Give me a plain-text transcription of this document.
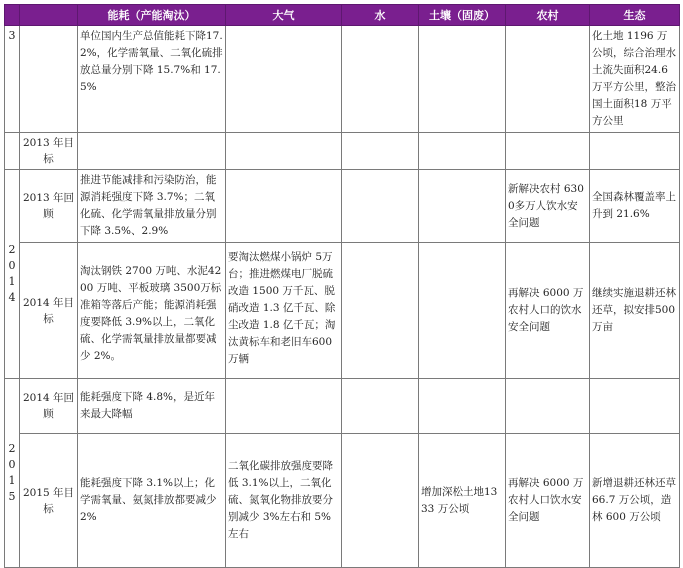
		能耗（产能淘汰）	大气	水	土壤（固废）	农村	生态
3		单位国内生产总值能耗下降17.2%，化学需氧量、二氧化硫排放总量分别下降 15.7%和 17.5%					化土地 1196 万公顷，综合治理水土流失面积24.6 万平方公里，整治国土面积18 万平方公里
	2013 年目标						
2 0 1 4	2013 年回顾	推进节能减排和污染防治，能源消耗强度下降 3.7%；二氧化硫、化学需氧量排放量分别下降 3.5%、2.9%				新解决农村 6300多万人饮水安全问题	全国森林覆盖率上升到 21.6%
	2014 年目标	淘汰钢铁 2700 万吨、水泥4200 万吨、平板玻璃 3500万标准箱等落后产能；能源消耗强度要降低 3.9%以上，二氧化硫、化学需氧量排放量都要减少 2%。	要淘汰燃煤小锅炉 5万台；推进燃煤电厂脱硫改造 1500 万千瓦、脱硝改造 1.3 亿千瓦、除尘改造 1.8 亿千瓦；淘汰黄标车和老旧车600 万辆			再解决 6000 万农村人口的饮水安全问题	继续实施退耕还林还草，拟安排500 万亩
2 0 1 5	2014 年回顾	能耗强度下降 4.8%，是近年来最大降幅					
	2015 年目标	能耗强度下降 3.1%以上；化学需氧量、氨氮排放都要减少 2%	二氧化碳排放强度要降低 3.1%以上，二氧化硫、氮氧化物排放要分别减少 3%左右和 5%左右		增加深松土地1333 万公顷	再解决 6000 万农村人口饮水安全问题	新增退耕还林还草 66.7 万公顷，造林 600 万公顷
